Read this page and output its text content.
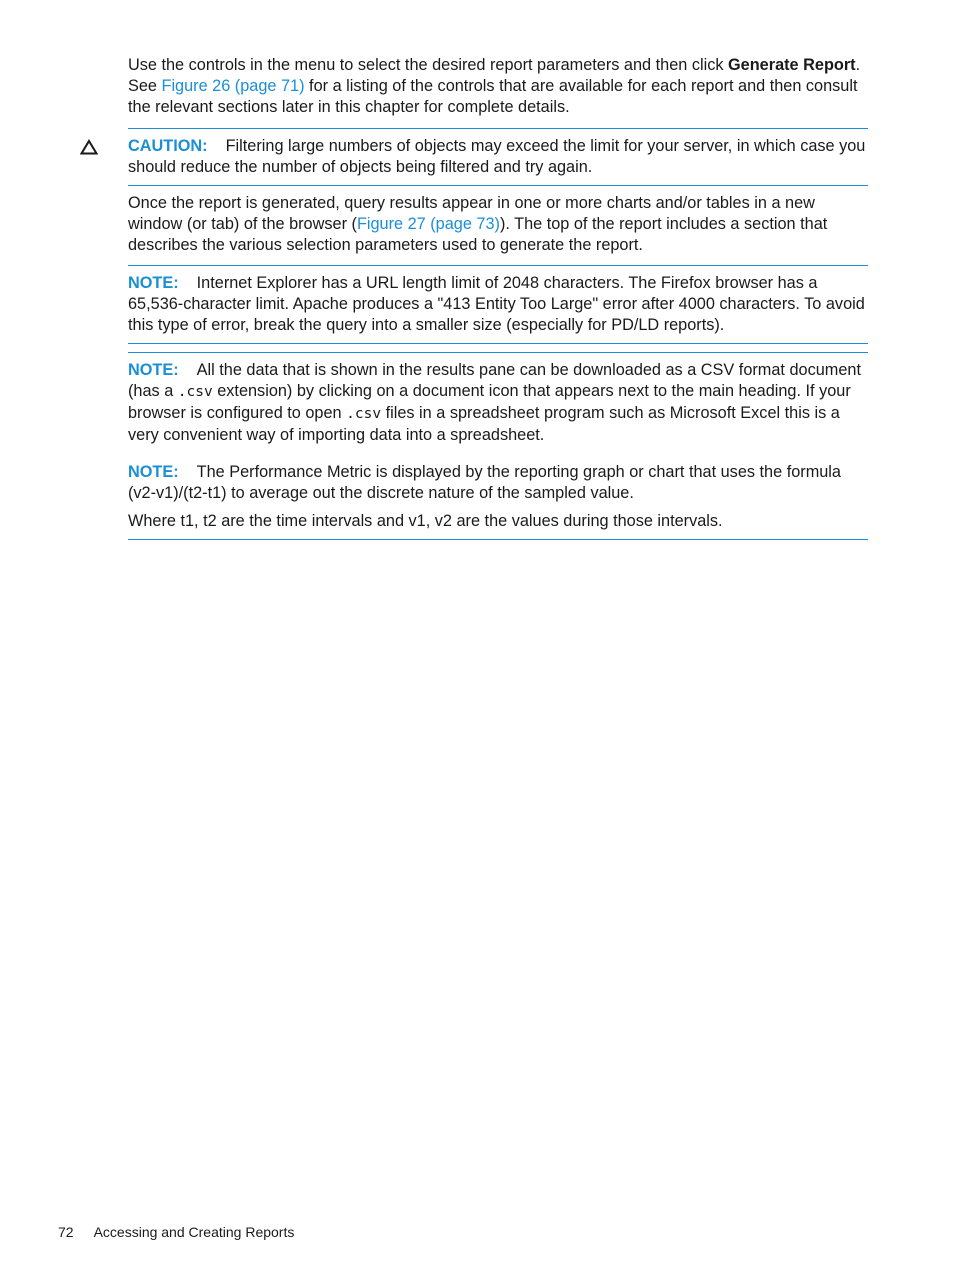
Use the controls in the menu to select the desired report parameters and then click Generate Report. See Figure 26 (page 71) for a listing of the controls that are available for each report and then consult the relevant sections later in this chapter for complete details.

CAUTION: Filtering large numbers of objects may exceed the limit for your server, in which case you should reduce the number of objects being filtered and try again.

Once the report is generated, query results appear in one or more charts and/or tables in a new window (or tab) of the browser (Figure 27 (page 73)). The top of the report includes a section that describes the various selection parameters used to generate the report.

NOTE: Internet Explorer has a URL length limit of 2048 characters. The Firefox browser has a 65,536-character limit. Apache produces a "413 Entity Too Large" error after 4000 characters. To avoid this type of error, break the query into a smaller size (especially for PD/LD reports).

NOTE: All the data that is shown in the results pane can be downloaded as a CSV format document (has a .csv extension) by clicking on a document icon that appears next to the main heading. If your browser is configured to open .csv files in a spreadsheet program such as Microsoft Excel this is a very convenient way of importing data into a spreadsheet.

NOTE: The Performance Metric is displayed by the reporting graph or chart that uses the formula (v2-v1)/(t2-t1) to average out the discrete nature of the sampled value.

Where t1, t2 are the time intervals and v1, v2 are the values during those intervals.

72 Accessing and Creating Reports
